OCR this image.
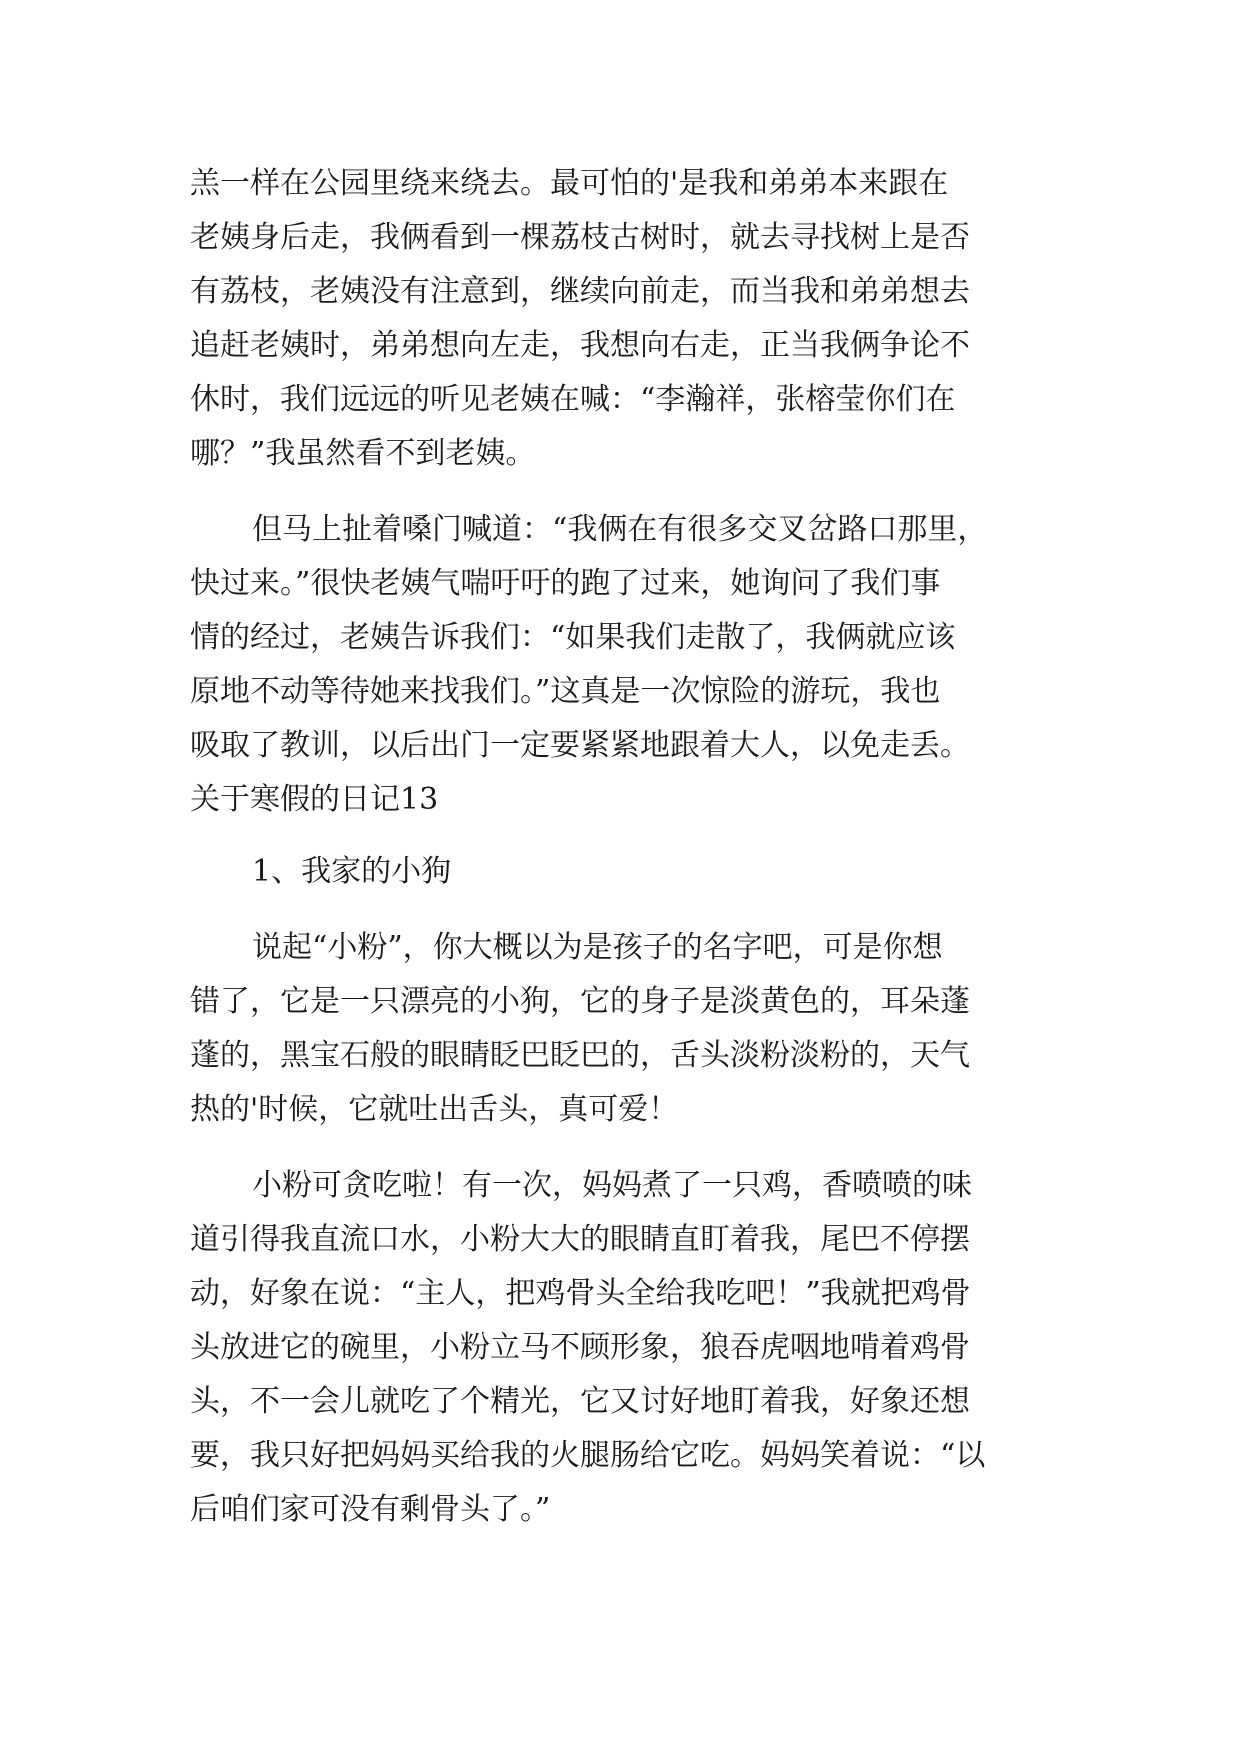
羔一样在公园里绕来绕去。最可怕的'是我和弟弟本来跟在
老姨身后走，我俩看到一棵荔枝古树时，就去寻找树上是否
有荔枝，老姨没有注意到，继续向前走，而当我和弟弟想去
追赶老姨时，弟弟想向左走，我想向右走，正当我俩争论不
休时，我们远远的听见老姨在喊：“李瀚祥，张榕莹你们在
哪？”我虽然看不到老姨。
但马上扯着嗓门喊道：“我俩在有很多交叉岔路口那里，
快过来。”很快老姨气喘吁吁的跑了过来，她询问了我们事
情的经过，老姨告诉我们：“如果我们走散了，我俩就应该
原地不动等待她来找我们。”这真是一次惊险的游玩，我也
吸取了教训，以后出门一定要紧紧地跟着大人，以免走丢。
关于寒假的日记13
1、我家的小狗
说起“小粉”，你大概以为是孩子的名字吧，可是你想
错了，它是一只漂亮的小狗，它的身子是淡黄色的，耳朵蓬
蓬的，黑宝石般的眼睛眨巴眨巴的，舌头淡粉淡粉的，天气
热的'时候，它就吐出舌头，真可爱！
小粉可贪吃啦！有一次，妈妈煮了一只鸡，香喷喷的味
道引得我直流口水，小粉大大的眼睛直盯着我，尾巴不停摆
动，好象在说：“主人，把鸡骨头全给我吃吧！”我就把鸡骨
头放进它的碗里，小粉立马不顾形象，狼吞虎咽地啃着鸡骨
头，不一会儿就吃了个精光，它又讨好地盯着我，好象还想
要，我只好把妈妈买给我的火腿肠给它吃。妈妈笑着说：“以
后咱们家可没有剩骨头了。”
